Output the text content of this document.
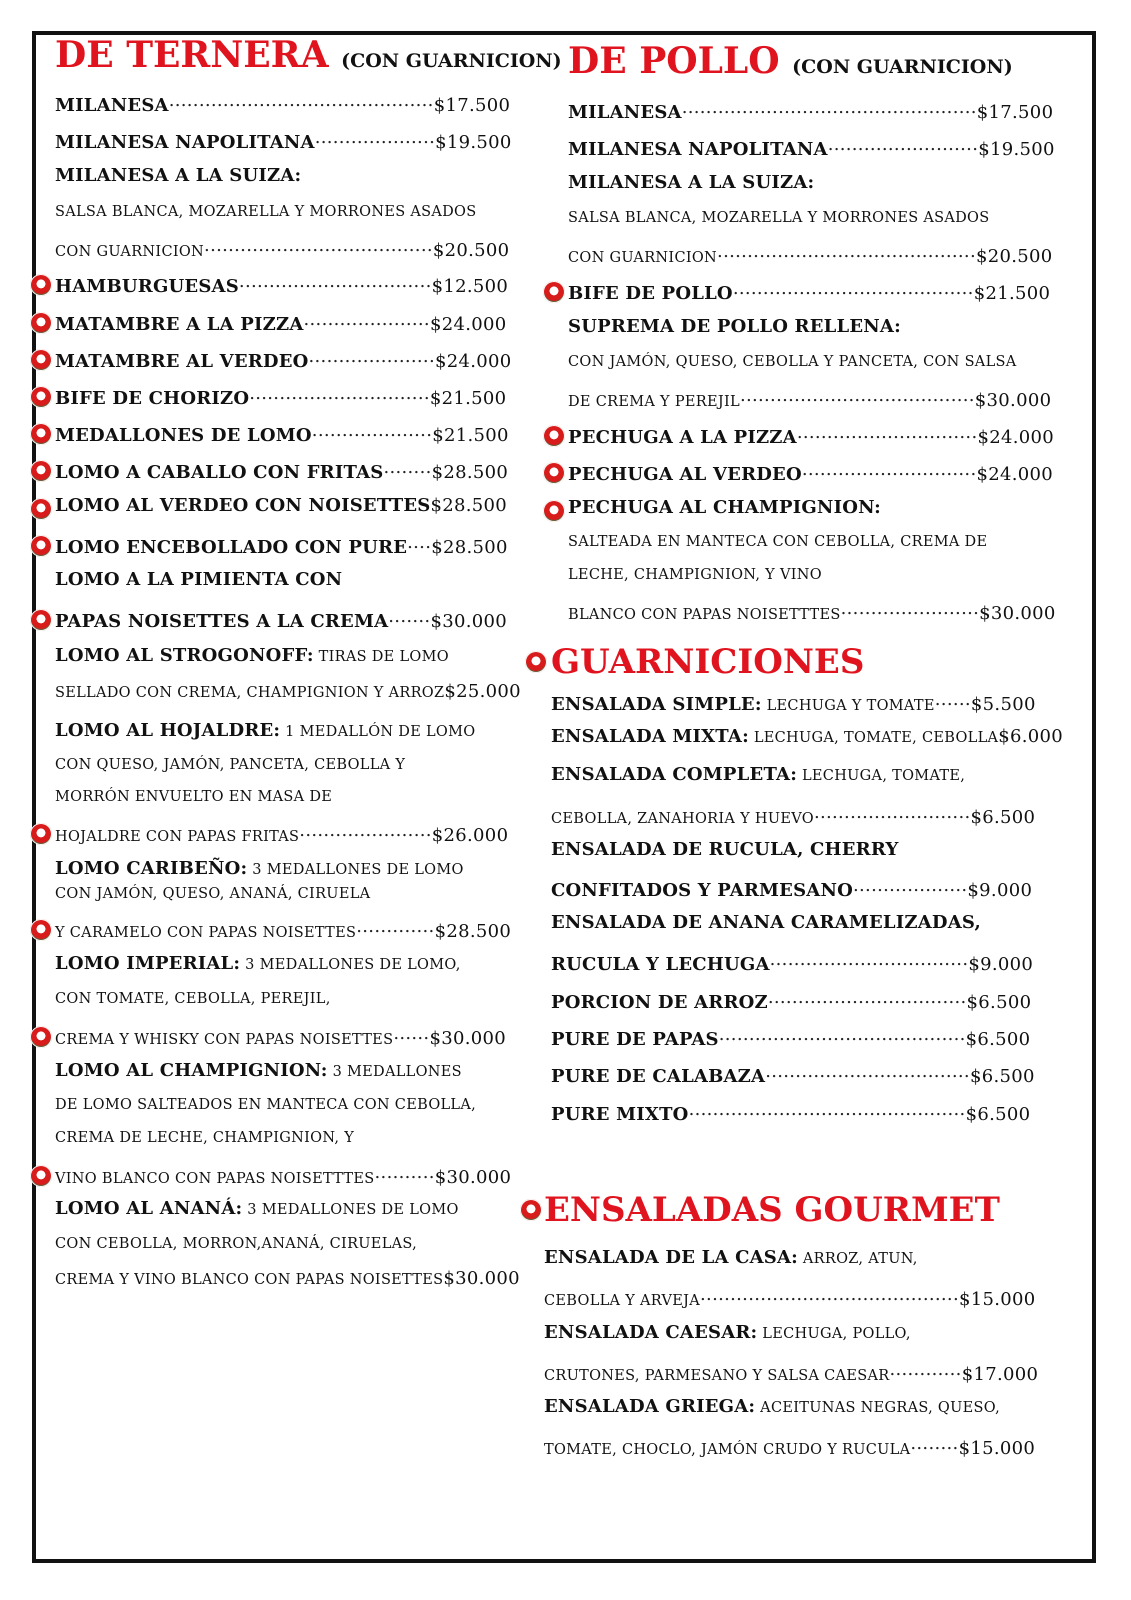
DE TERNERA (CON GUARNICION) DE POLLO (CON GUARNICION)
GUARNICIONES
ENSALADAS GOURMET
MILANESA............................................$17.500
MILANESA NAPOLITANA....................$19.500
MILANESA A LA SUIZA:
SALSA BLANCA, MOZARELLA Y MORRONES ASADOS
CON GUARNICION......................................$20.500
HAMBURGUESAS................................$12.500
MATAMBRE A LA PIZZA.....................$24.000
MATAMBRE AL VERDEO.....................$24.000
BIFE DE CHORIZO..............................$21.500
MEDALLONES DE LOMO....................$21.500
LOMO A CABALLO CON FRITAS........$28.500
LOMO AL VERDEO CON NOISETTES$28.500
LOMO ENCEBOLLADO CON PURE....$28.500
LOMO A LA PIMIENTA CON
PAPAS NOISETTES A LA CREMA.......$30.000
LOMO AL STROGONOFF: TIRAS DE LOMO
SELLADO CON CREMA, CHAMPIGNION Y ARROZ$25.000
LOMO AL HOJALDRE: 1 MEDALLÓN DE LOMO
CON QUESO, JAMÓN, PANCETA, CEBOLLA Y
MORRÓN ENVUELTO EN MASA DE
HOJALDRE CON PAPAS FRITAS......................$26.000
LOMO CARIBEÑO: 3 MEDALLONES DE LOMO
CON JAMÓN, QUESO, ANANÁ, CIRUELA
Y CARAMELO CON PAPAS NOISETTES.............$28.500
LOMO IMPERIAL: 3 MEDALLONES DE LOMO,
CON TOMATE, CEBOLLA, PEREJIL,
CREMA Y WHISKY CON PAPAS NOISETTES......$30.000
LOMO AL CHAMPIGNION: 3 MEDALLONES
DE LOMO SALTEADOS EN MANTECA CON CEBOLLA,
CREMA DE LECHE, CHAMPIGNION, Y
VINO BLANCO CON PAPAS NOISETTTES..........$30.000
LOMO AL ANANÁ: 3 MEDALLONES DE LOMO
CON CEBOLLA, MORRON,ANANÁ, CIRUELAS,
CREMA Y VINO BLANCO CON PAPAS NOISETTES$30.000
MILANESA.................................................$17.500
MILANESA NAPOLITANA.........................$19.500
MILANESA A LA SUIZA:
SALSA BLANCA, MOZARELLA Y MORRONES ASADOS
CON GUARNICION...........................................$20.500
BIFE DE POLLO........................................$21.500
SUPREMA DE POLLO RELLENA:
CON JAMÓN, QUESO, CEBOLLA Y PANCETA, CON SALSA
DE CREMA Y PEREJIL.......................................$30.000
PECHUGA A LA PIZZA..............................$24.000
PECHUGA AL VERDEO.............................$24.000
PECHUGA AL CHAMPIGNION:
SALTEADA EN MANTECA CON CEBOLLA, CREMA DE
LECHE, CHAMPIGNION, Y VINO
BLANCO CON PAPAS NOISETTTES.......................$30.000
ENSALADA SIMPLE: LECHUGA Y TOMATE......$5.500
ENSALADA MIXTA: LECHUGA, TOMATE, CEBOLLA$6.000
ENSALADA COMPLETA: LECHUGA, TOMATE,
CEBOLLA, ZANAHORIA Y HUEVO..........................$6.500
ENSALADA DE RUCULA, CHERRY
CONFITADOS Y PARMESANO...................$9.000
ENSALADA DE ANANA CARAMELIZADAS,
RUCULA Y LECHUGA.................................$9.000
PORCION DE ARROZ.................................$6.500
PURE DE PAPAS.........................................$6.500
PURE DE CALABAZA..................................$6.500
PURE MIXTO..............................................$6.500
ENSALADA DE LA CASA: ARROZ, ATUN,
CEBOLLA Y ARVEJA...........................................$15.000
ENSALADA CAESAR: LECHUGA, POLLO,
CRUTONES, PARMESANO Y SALSA CAESAR............$17.000
ENSALADA GRIEGA: ACEITUNAS NEGRAS, QUESO,
TOMATE, CHOCLO, JAMÓN CRUDO Y RUCULA........$15.000
